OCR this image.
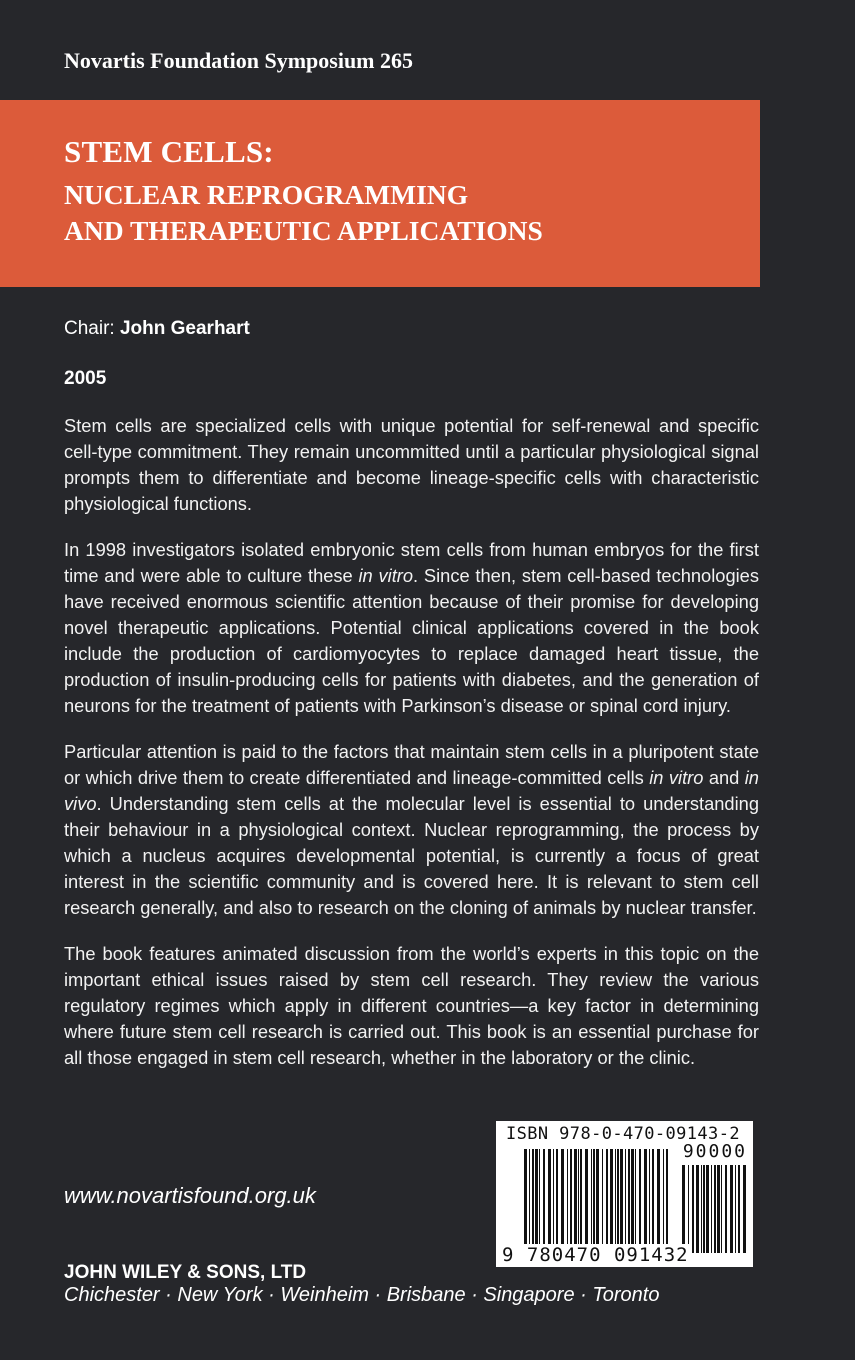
Novartis Foundation Symposium 265
STEM CELLS:
NUCLEAR REPROGRAMMING
AND THERAPEUTIC APPLICATIONS
Chair: John Gearhart
2005

Stem cells are specialized cells with unique potential for self-renewal and specific cell-type commitment. They remain uncommitted until a particular physiological signal prompts them to differentiate and become lineage-specific cells with characteristic physiological functions.

In 1998 investigators isolated embryonic stem cells from human embryos for the first time and were able to culture these in vitro. Since then, stem cell-based technologies have received enormous scientific attention because of their promise for developing novel therapeutic applications. Potential clinical applications covered in the book include the production of cardiomyocytes to replace damaged heart tissue, the production of insulin-producing cells for patients with diabetes, and the generation of neurons for the treatment of patients with Parkinson’s disease or spinal cord injury.

Particular attention is paid to the factors that maintain stem cells in a pluripotent state or which drive them to create differentiated and lineage-committed cells in vitro and in vivo. Understanding stem cells at the molecular level is essential to understanding their behaviour in a physiological context. Nuclear reprogramming, the process by which a nucleus acquires developmental potential, is currently a focus of great interest in the scientific community and is covered here. It is relevant to stem cell research generally, and also to research on the cloning of animals by nuclear transfer.

The book features animated discussion from the world’s experts in this topic on the important ethical issues raised by stem cell research. They review the various regulatory regimes which apply in different countries—a key factor in determining where future stem cell research is carried out. This book is an essential purchase for all those engaged in stem cell research, whether in the laboratory or the clinic.

ISBN 978-0-470-09143-2
90000
9 780470 091432
www.novartisfound.org.uk
JOHN WILEY & SONS, LTD
Chichester · New York · Weinheim · Brisbane · Singapore · Toronto
